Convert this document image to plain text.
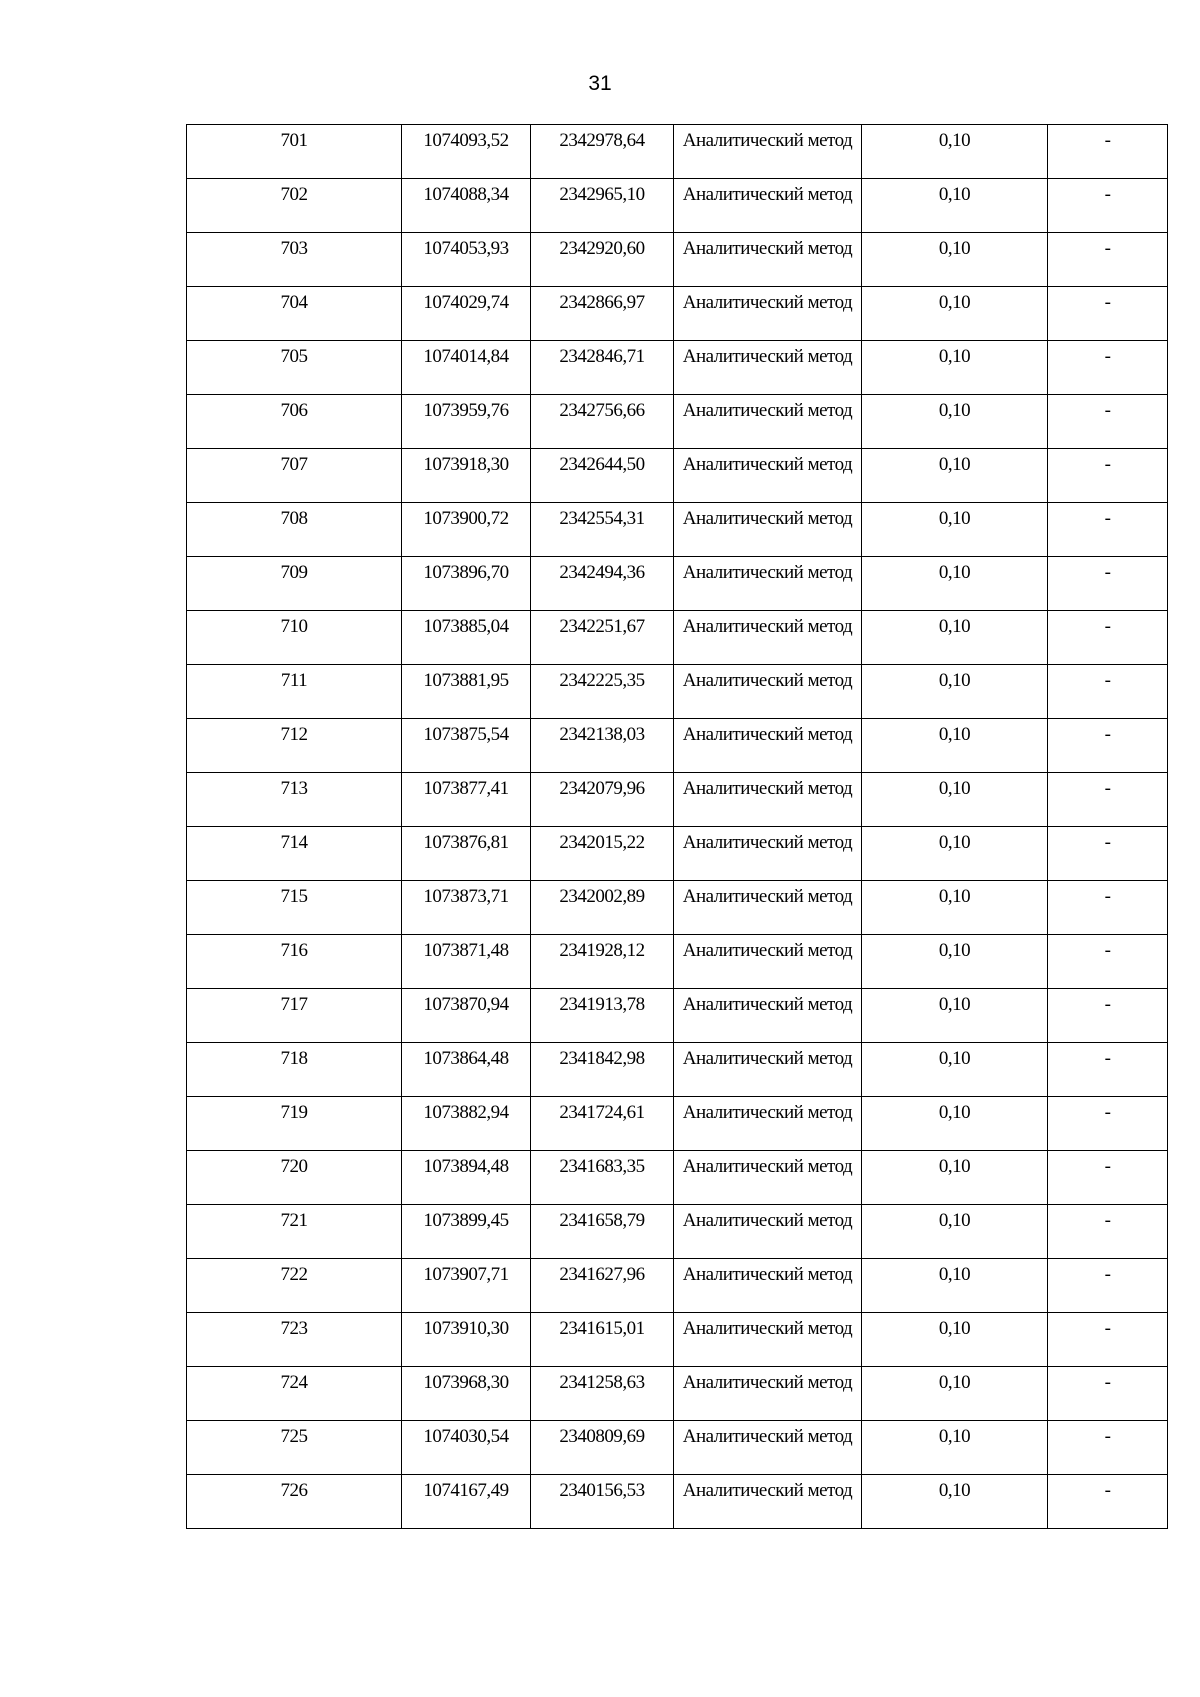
31
701	1074093,52	2342978,64	Аналитический метод	0,10	-
702	1074088,34	2342965,10	Аналитический метод	0,10	-
703	1074053,93	2342920,60	Аналитический метод	0,10	-
704	1074029,74	2342866,97	Аналитический метод	0,10	-
705	1074014,84	2342846,71	Аналитический метод	0,10	-
706	1073959,76	2342756,66	Аналитический метод	0,10	-
707	1073918,30	2342644,50	Аналитический метод	0,10	-
708	1073900,72	2342554,31	Аналитический метод	0,10	-
709	1073896,70	2342494,36	Аналитический метод	0,10	-
710	1073885,04	2342251,67	Аналитический метод	0,10	-
711	1073881,95	2342225,35	Аналитический метод	0,10	-
712	1073875,54	2342138,03	Аналитический метод	0,10	-
713	1073877,41	2342079,96	Аналитический метод	0,10	-
714	1073876,81	2342015,22	Аналитический метод	0,10	-
715	1073873,71	2342002,89	Аналитический метод	0,10	-
716	1073871,48	2341928,12	Аналитический метод	0,10	-
717	1073870,94	2341913,78	Аналитический метод	0,10	-
718	1073864,48	2341842,98	Аналитический метод	0,10	-
719	1073882,94	2341724,61	Аналитический метод	0,10	-
720	1073894,48	2341683,35	Аналитический метод	0,10	-
721	1073899,45	2341658,79	Аналитический метод	0,10	-
722	1073907,71	2341627,96	Аналитический метод	0,10	-
723	1073910,30	2341615,01	Аналитический метод	0,10	-
724	1073968,30	2341258,63	Аналитический метод	0,10	-
725	1074030,54	2340809,69	Аналитический метод	0,10	-
726	1074167,49	2340156,53	Аналитический метод	0,10	-
